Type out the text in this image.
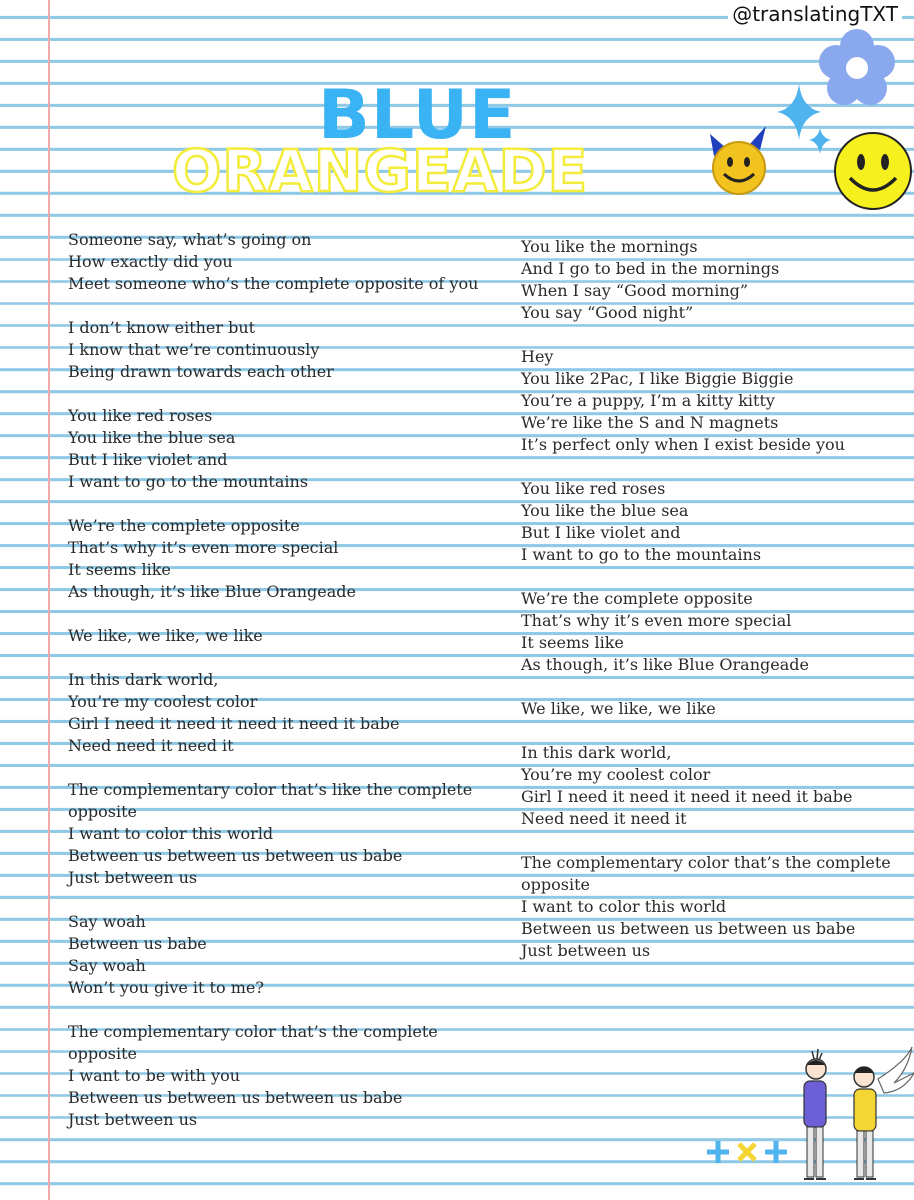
@translatingTXT
BLUE
ORANGEADE
Someone say, what’s going on
How exactly did you
Meet someone who’s the complete opposite of you
I don’t know either but
I know that we’re continuously
Being drawn towards each other
You like red roses
You like the blue sea
But I like violet and
I want to go to the mountains
We’re the complete opposite
That’s why it’s even more special
It seems like
As though, it’s like Blue Orangeade
We like, we like, we like
In this dark world,
You’re my coolest color
Girl I need it need it need it need it babe
Need need it need it
The complementary color that’s like the complete opposite
I want to color this world
Between us between us between us babe
Just between us
Say woah
Between us babe
Say woah
Won’t you give it to me?
The complementary color that’s the complete opposite
I want to be with you
Between us between us between us babe
Just between us
You like the mornings
And I go to bed in the mornings
When I say “Good morning”
You say “Good night”
Hey
You like 2Pac, I like Biggie Biggie
You’re a puppy, I’m a kitty kitty
We’re like the S and N magnets
It’s perfect only when I exist beside you
You like red roses
You like the blue sea
But I like violet and
I want to go to the mountains
We’re the complete opposite
That’s why it’s even more special
It seems like
As though, it’s like Blue Orangeade
We like, we like, we like
In this dark world,
You’re my coolest color
Girl I need it need it need it need it babe
Need need it need it
The complementary color that’s the complete opposite
I want to color this world
Between us between us between us babe
Just between us
